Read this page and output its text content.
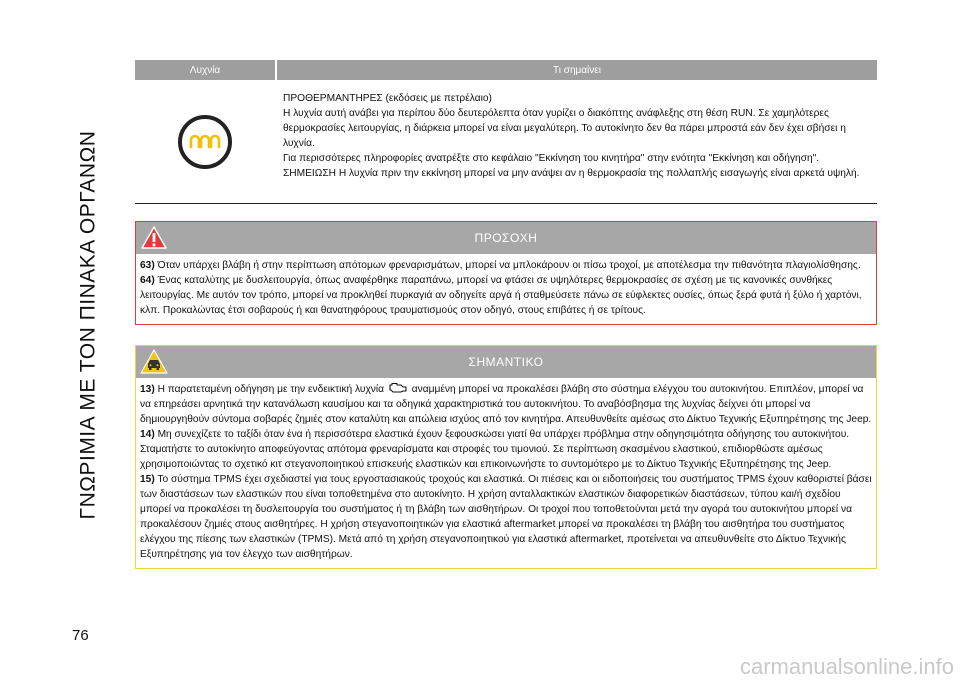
ΓΝΩΡΙΜΙΑ ΜΕ ΤΟΝ ΠΙΝΑΚΑ ΟΡΓΑΝΩΝ
Λυχνία	Τι σημαίνει

ΠΡΟΘΕΡΜΑΝΤΗΡΕΣ (εκδόσεις με πετρέλαιο)

Η λυχνία αυτή ανάβει για περίπου δύο δευτερόλεπτα όταν γυρίζει ο διακόπτης ανάφλεξης στη θέση RUN. Σε χαμηλότερες θερμοκρασίες λειτουργίας, η διάρκεια μπορεί να είναι μεγαλύτερη. Το αυτοκίνητο δεν θα πάρει μπροστά εάν δεν έχει σβήσει η λυχνία.

Για περισσότερες πληροφορίες ανατρέξτε στο κεφάλαιο "Εκκίνηση του κινητήρα" στην ενότητα "Εκκίνηση και οδήγηση".

ΣΗΜΕΙΩΣΗ Η λυχνία πριν την εκκίνηση μπορεί να μην ανάψει αν η θερμοκρασία της πολλαπλής εισαγωγής είναι αρκετά υψηλή.

ΠΡΟΣΟΧΗ

63) Όταν υπάρχει βλάβη ή στην περίπτωση απότομων φρεναρισμάτων, μπορεί να μπλοκάρουν οι πίσω τροχοί, με αποτέλεσμα την πιθανότητα πλαγιολίσθησης.

64) Ένας καταλύτης με δυσλειτουργία, όπως αναφέρθηκε παραπάνω, μπορεί να φτάσει σε υψηλότερες θερμοκρασίες σε σχέση με τις κανονικές συνθήκες λειτουργίας. Με αυτόν τον τρόπο, μπορεί να προκληθεί πυρκαγιά αν οδηγείτε αργά ή σταθμεύσετε πάνω σε εύφλεκτες ουσίες, όπως ξερά φυτά ή ξύλο ή χαρτόνι, κλπ. Προκαλώντας έτσι σοβαρούς ή και θανατηφόρους τραυματισμούς στον οδηγό, στους επιβάτες ή σε τρίτους.

ΣΗΜΑΝΤΙΚΟ

13) Η παρατεταμένη οδήγηση με την ενδεικτική λυχνία  αναμμένη μπορεί να προκαλέσει βλάβη στο σύστημα ελέγχου του αυτοκινήτου. Επιπλέον, μπορεί να να επηρεάσει αρνητικά την κατανάλωση καυσίμου και τα οδηγικά χαρακτηριστικά του αυτοκινήτου. Το αναβόσβησμα της λυχνίας δείχνει ότι μπορεί να δημιουργηθούν σύντομα σοβαρές ζημιές στον καταλύτη και απώλεια ισχύος από τον κινητήρα. Απευθυνθείτε αμέσως στο Δίκτυο Τεχνικής Εξυπηρέτησης της Jeep.

14) Μη συνεχίζετε το ταξίδι όταν ένα ή περισσότερα ελαστικά έχουν ξεφουσκώσει γιατί θα υπάρχει πρόβλημα στην οδηγησιμότητα οδήγησης του αυτοκινήτου. Σταματήστε το αυτοκίνητο αποφεύγοντας απότομα φρεναρίσματα και στροφές του τιμονιού. Σε περίπτωση σκασμένου ελαστικού, επιδιορθώστε αμέσως χρησιμοποιώντας το σχετικό κιτ στεγανοποιητικού επισκευής ελαστικών και επικοινωνήστε το συντομότερο με το Δίκτυο Τεχνικής Εξυπηρέτησης της Jeep.

15) Το σύστημα TPMS έχει σχεδιαστεί για τους εργοστασιακούς τροχούς και ελαστικά. Οι πιέσεις και οι ειδοποιήσεις του συστήματος TPMS έχουν καθοριστεί βάσει των διαστάσεων των ελαστικών που είναι τοποθετημένα στο αυτοκίνητο. Η χρήση ανταλλακτικών ελαστικών διαφορετικών διαστάσεων, τύπου και/ή σχεδίου μπορεί να προκαλέσει τη δυσλειτουργία του συστήματος ή τη βλάβη των αισθητήρων. Οι τροχοί που τοποθετούνται μετά την αγορά του αυτοκινήτου μπορεί να προκαλέσουν ζημιές στους αισθητήρες. Η χρήση στεγανοποιητικών για ελαστικά aftermarket μπορεί να προκαλέσει τη βλάβη του αισθητήρα του συστήματος ελέγχου της πίεσης των ελαστικών (TPMS). Μετά από τη χρήση στεγανοποιητικού για ελαστικά aftermarket, προτείνεται να απευθυνθείτε στο Δίκτυο Τεχνικής Εξυπηρέτησης για τον έλεγχο των αισθητήρων.

76
carmanualsonline.info
